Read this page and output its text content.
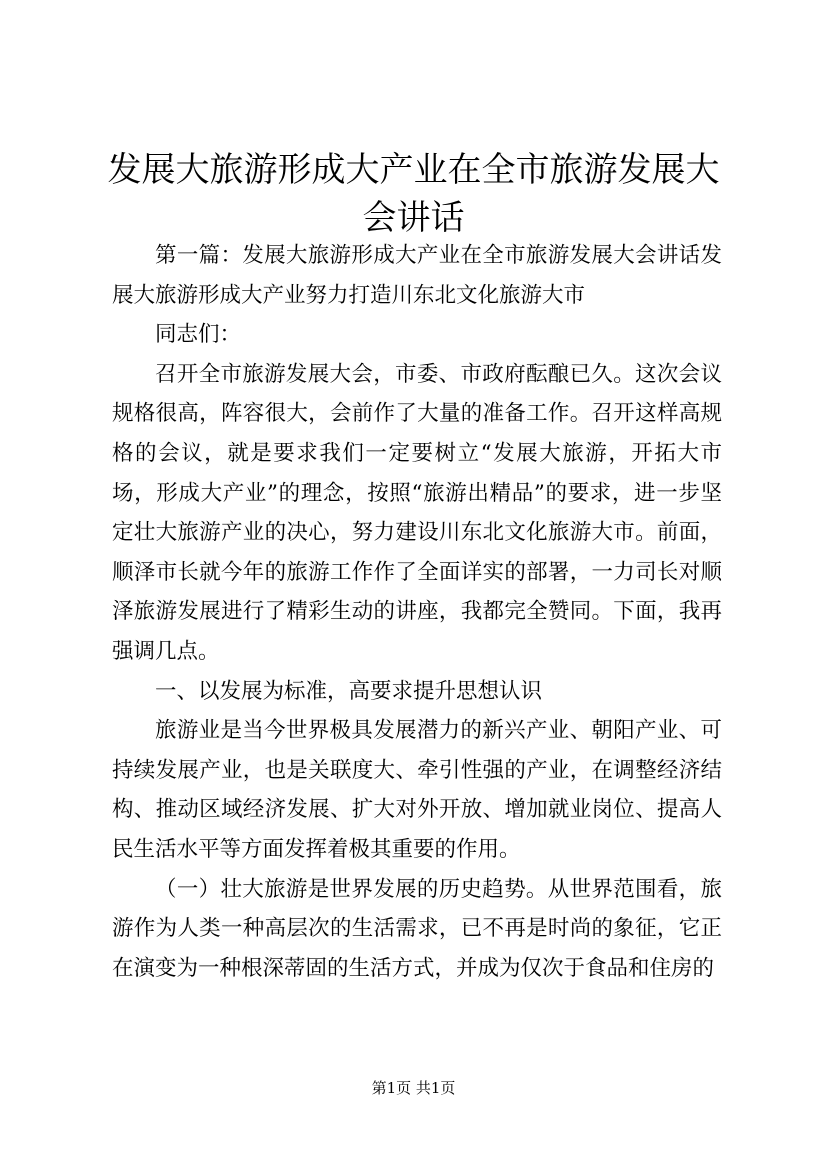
发展大旅游形成大产业在全市旅游发展大会讲话

第一篇：发展大旅游形成大产业在全市旅游发展大会讲话发展大旅游形成大产业努力打造川东北文化旅游大市

同志们：

召开全市旅游发展大会，市委、市政府酝酿已久。这次会议规格很高，阵容很大，会前作了大量的准备工作。召开这样高规格的会议，就是要求我们一定要树立“发展大旅游，开拓大市场，形成大产业”的理念，按照“旅游出精品”的要求，进一步坚定壮大旅游产业的决心，努力建设川东北文化旅游大市。前面，顺泽市长就今年的旅游工作作了全面详实的部署，一力司长对顺泽旅游发展进行了精彩生动的讲座，我都完全赞同。下面，我再强调几点。

一、以发展为标准，高要求提升思想认识

旅游业是当今世界极具发展潜力的新兴产业、朝阳产业、可持续发展产业，也是关联度大、牵引性强的产业，在调整经济结构、推动区域经济发展、扩大对外开放、增加就业岗位、提高人民生活水平等方面发挥着极其重要的作用。

（一）壮大旅游是世界发展的历史趋势。从世界范围看，旅游作为人类一种高层次的生活需求，已不再是时尚的象征，它正在演变为一种根深蒂固的生活方式，并成为仅次于食品和住房的

第1页 共1页
